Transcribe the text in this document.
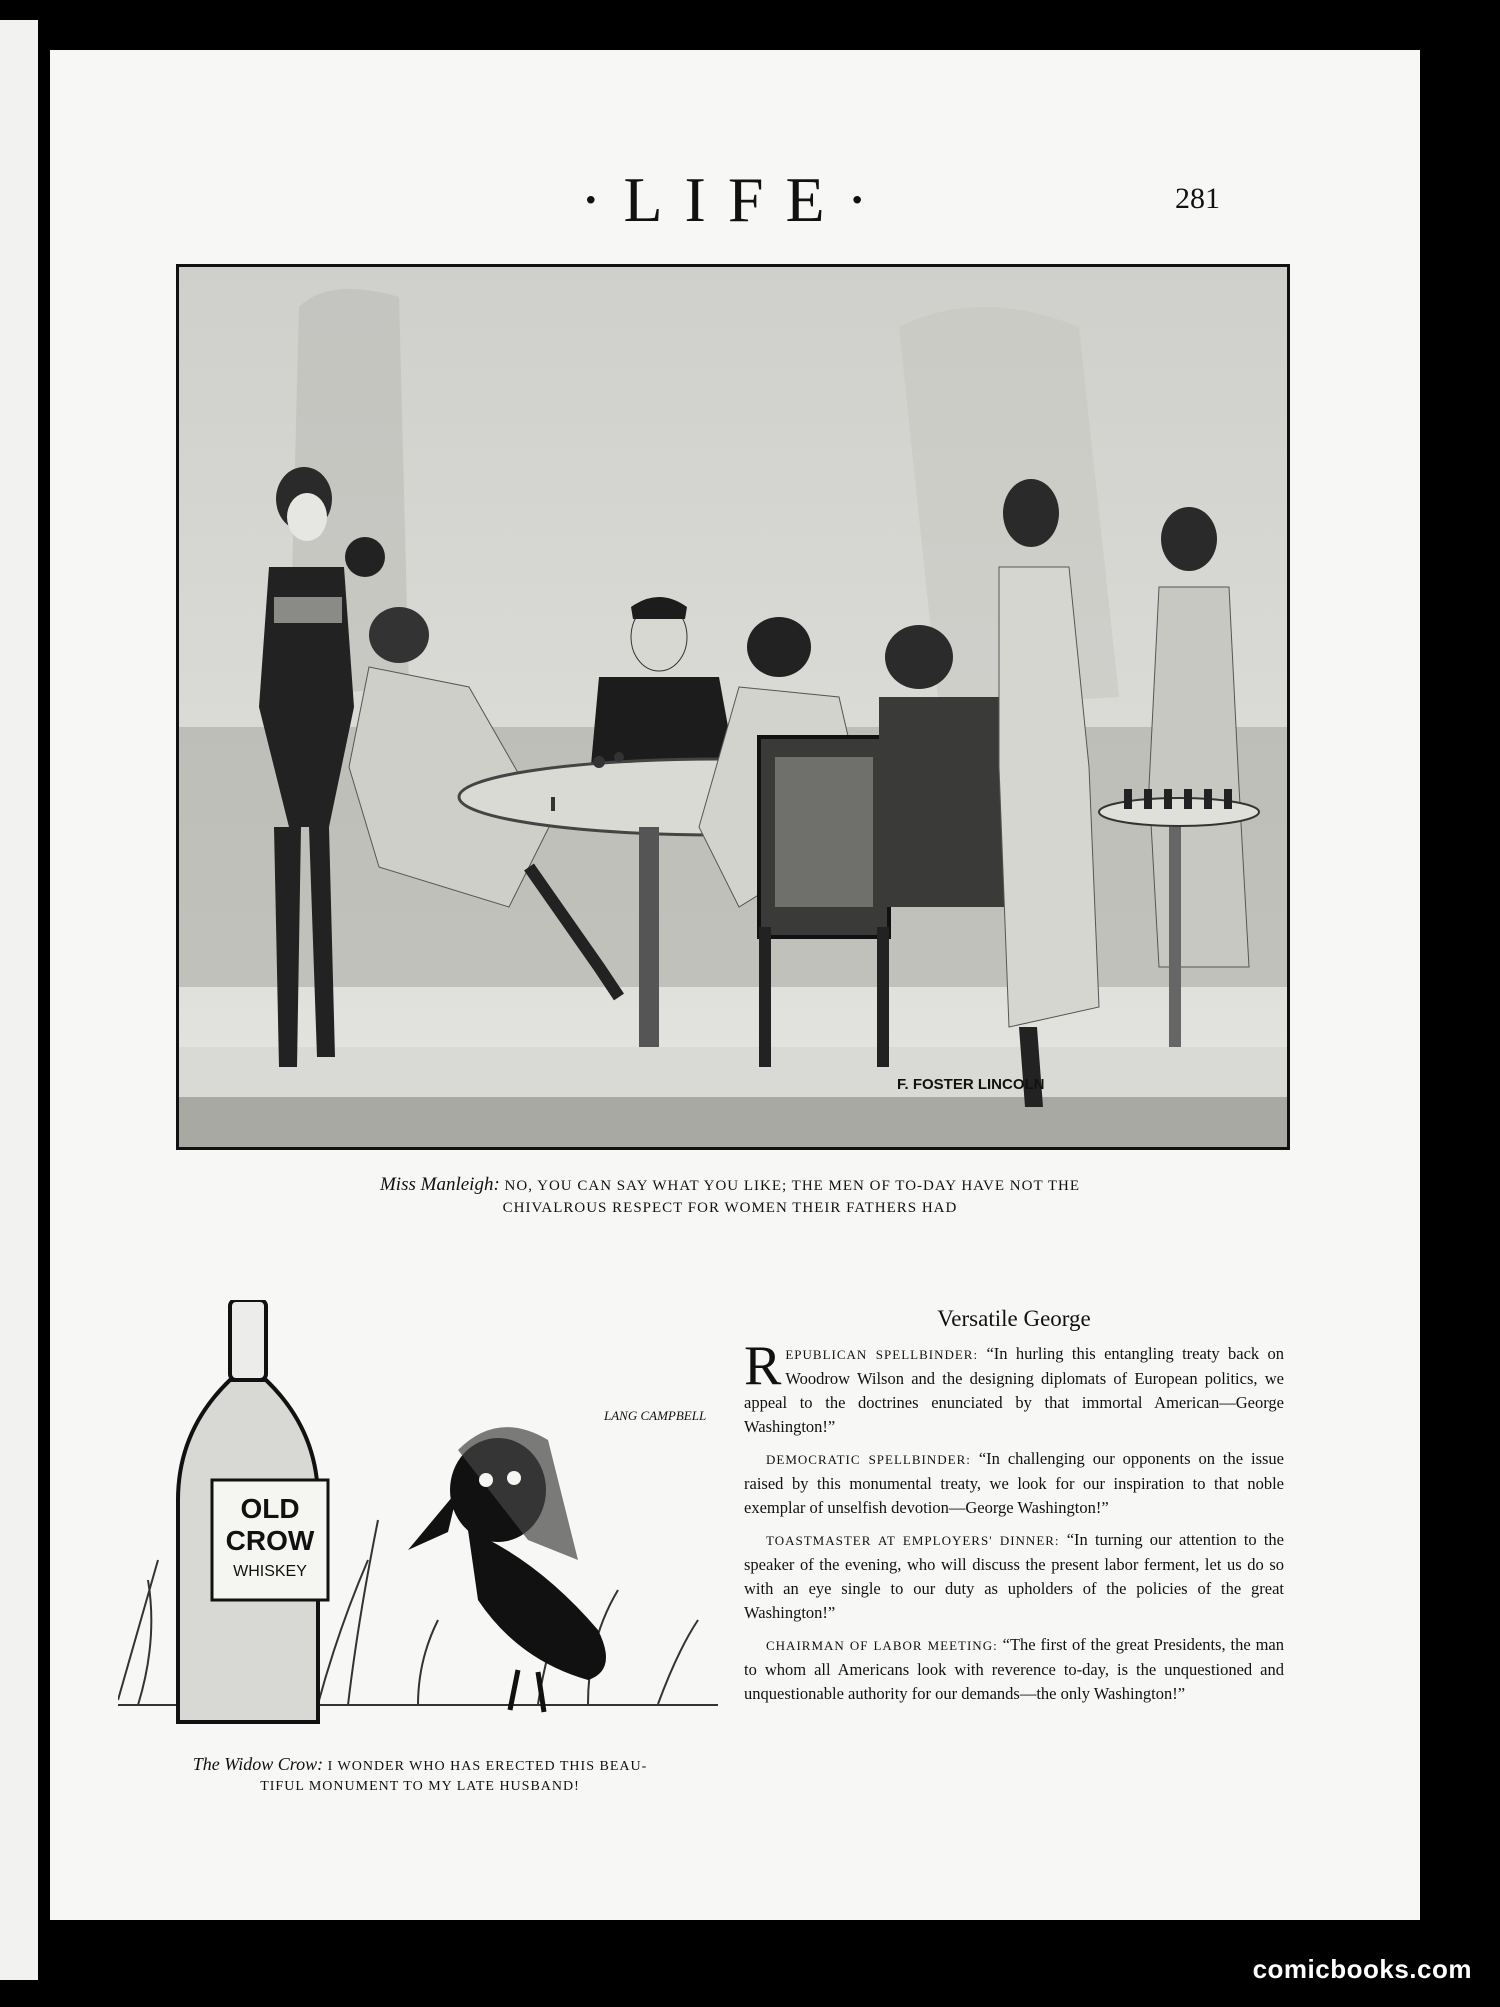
·LIFE·	281
F. FOSTER LINCOLN
Miss Manleigh: NO, YOU CAN SAY WHAT YOU LIKE; THE MEN OF TO-DAY HAVE NOT THE
CHIVALROUS RESPECT FOR WOMEN THEIR FATHERS HAD
OLD
CROW
WHISKEY
LANG CAMPBELL
The Widow Crow: I WONDER WHO HAS ERECTED THIS BEAU-
TIFUL MONUMENT TO MY LATE HUSBAND!
Versatile George

REPUBLICAN SPELLBINDER: “In hurling this entangling treaty back on Woodrow Wilson and the designing diplomats of European politics, we appeal to the doctrines enunciated by that immortal American—George Washington!”

DEMOCRATIC SPELLBINDER: “In challenging our opponents on the issue raised by this monumental treaty, we look for our inspiration to that noble exemplar of unselfish devotion—George Washington!”

TOASTMASTER AT EMPLOYERS' DINNER: “In turning our attention to the speaker of the evening, who will discuss the present labor ferment, let us do so with an eye single to our duty as upholders of the policies of the great Washington!”

CHAIRMAN OF LABOR MEETING: “The first of the great Presidents, the man to whom all Americans look with reverence to-day, is the unquestioned and unquestionable authority for our demands—the only Washington!”

comicbooks.com
